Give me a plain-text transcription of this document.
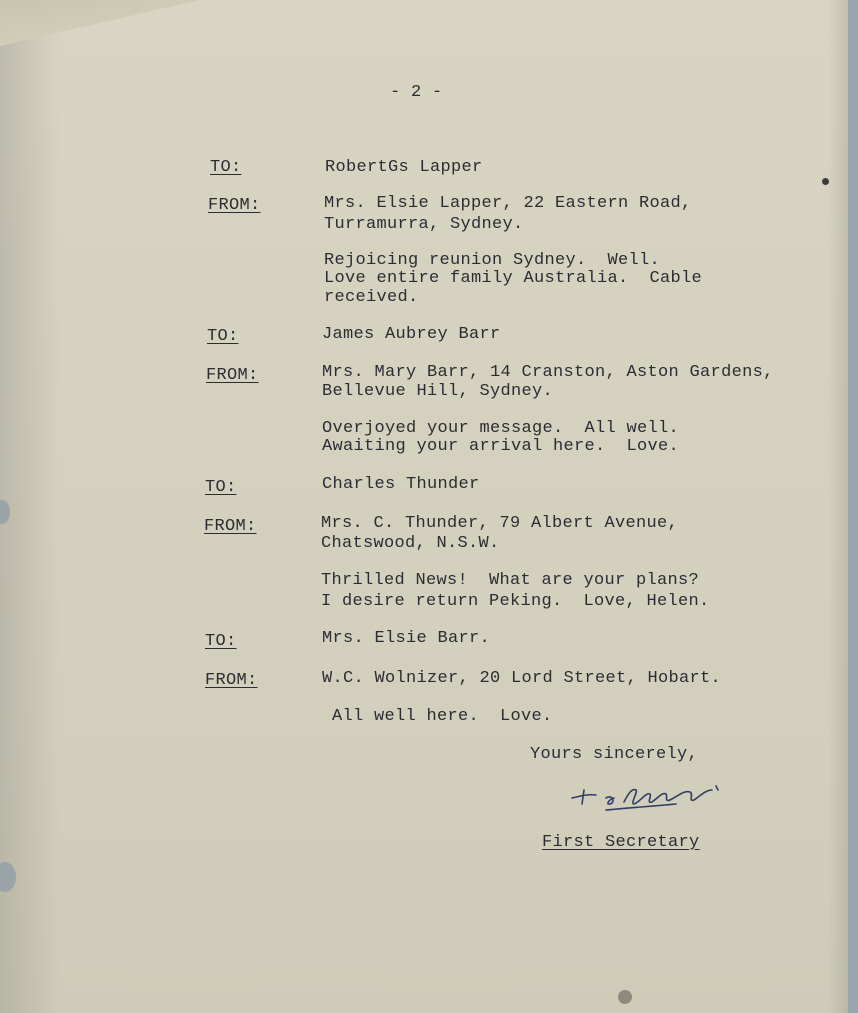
- 2 -
TO:	RobertGs Lapper
FROM:	Mrs. Elsie Lapper, 22 Eastern Road,
Turramurra, Sydney.
Rejoicing reunion Sydney.  Well.
Love entire family Australia.  Cable
received.
TO:	James Aubrey Barr
FROM:	Mrs. Mary Barr, 14 Cranston, Aston Gardens,
Bellevue Hill, Sydney.
Overjoyed your message.  All well.
Awaiting your arrival here.  Love.
TO:	Charles Thunder
FROM:	Mrs. C. Thunder, 79 Albert Avenue,
Chatswood, N.S.W.
Thrilled News!  What are your plans?
I desire return Peking.  Love, Helen.
TO:	Mrs. Elsie Barr.
FROM:	W.C. Wolnizer, 20 Lord Street, Hobart.
All well here.  Love.
Yours sincerely,
First Secretary
